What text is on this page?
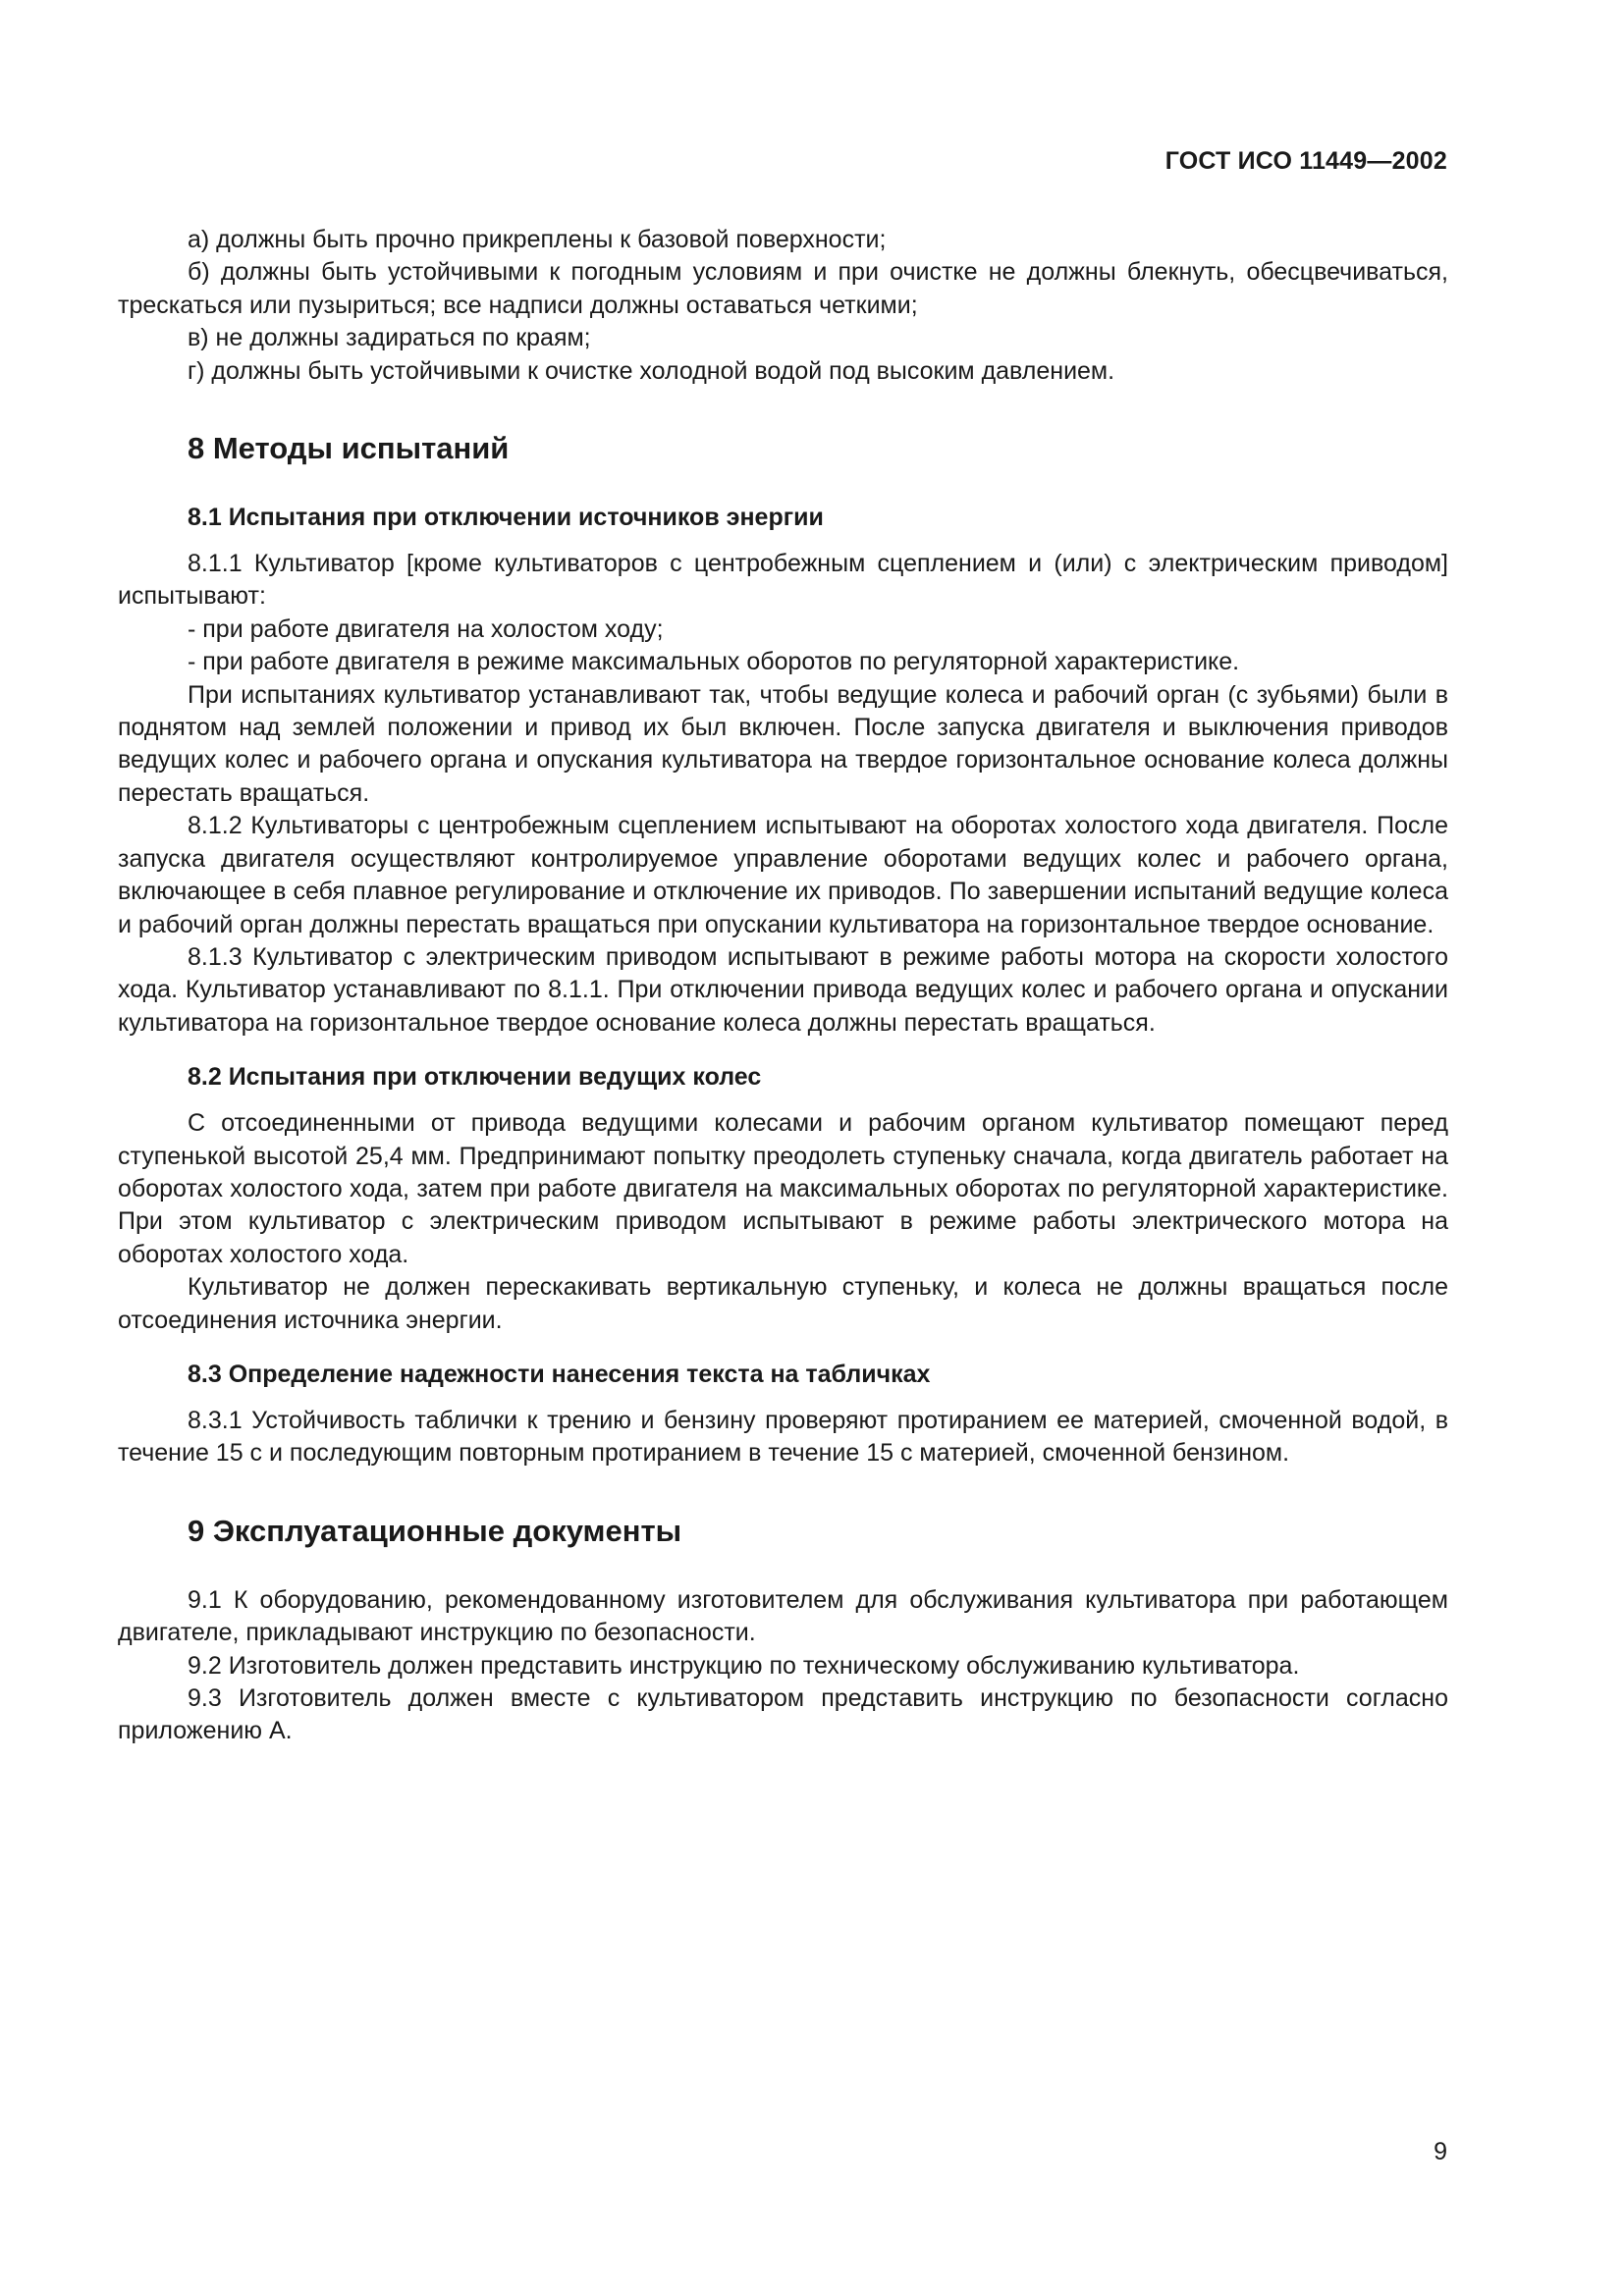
ГОСТ ИСО 11449—2002

а) должны быть прочно прикреплены к базовой поверхности;

б) должны быть устойчивыми к погодным условиям и при очистке не должны блекнуть, обесцвечиваться, трескаться или пузыриться; все надписи должны оставаться четкими;

в) не должны задираться по краям;

г) должны быть устойчивыми к очистке холодной водой под высоким давлением.

8 Методы испытаний
8.1 Испытания при отключении источников энергии

8.1.1 Культиватор [кроме культиваторов с центробежным сцеплением и (или) с электрическим приводом] испытывают:

- при работе двигателя на холостом ходу;

- при работе двигателя в режиме максимальных оборотов по регуляторной характеристике.

При испытаниях культиватор устанавливают так, чтобы ведущие колеса и рабочий орган (с зубьями) были в поднятом над землей положении и привод их был включен. После запуска двигателя и выключения приводов ведущих колес и рабочего органа и опускания культиватора на твердое горизонтальное основание колеса должны перестать вращаться.

8.1.2 Культиваторы с центробежным сцеплением испытывают на оборотах холостого хода двигателя. После запуска двигателя осуществляют контролируемое управление оборотами ведущих колес и рабочего органа, включающее в себя плавное регулирование и отключение их приводов. По завершении испытаний ведущие колеса и рабочий орган должны перестать вращаться при опускании культиватора на горизонтальное твердое основание.

8.1.3 Культиватор с электрическим приводом испытывают в режиме работы мотора на скорости холостого хода. Культиватор устанавливают по 8.1.1. При отключении привода ведущих колес и рабочего органа и опускании культиватора на горизонтальное твердое основание колеса должны перестать вращаться.

8.2 Испытания при отключении ведущих колес

С отсоединенными от привода ведущими колесами и рабочим органом культиватор помещают перед ступенькой высотой 25,4 мм. Предпринимают попытку преодолеть ступеньку сначала, когда двигатель работает на оборотах холостого хода, затем при работе двигателя на максимальных оборотах по регуляторной характеристике. При этом культиватор с электрическим приводом испытывают в режиме работы электрического мотора на оборотах холостого хода.

Культиватор не должен перескакивать вертикальную ступеньку, и колеса не должны вращаться после отсоединения источника энергии.

8.3 Определение надежности нанесения текста на табличках

8.3.1 Устойчивость таблички к трению и бензину проверяют протиранием ее материей, смоченной водой, в течение 15 с и последующим повторным протиранием в течение 15 с материей, смоченной бензином.

9 Эксплуатационные документы

9.1 К оборудованию, рекомендованному изготовителем для обслуживания культиватора при работающем двигателе, прикладывают инструкцию по безопасности.

9.2 Изготовитель должен представить инструкцию по техническому обслуживанию культиватора.

9.3 Изготовитель должен вместе с культиватором представить инструкцию по безопасности согласно приложению А.

9
